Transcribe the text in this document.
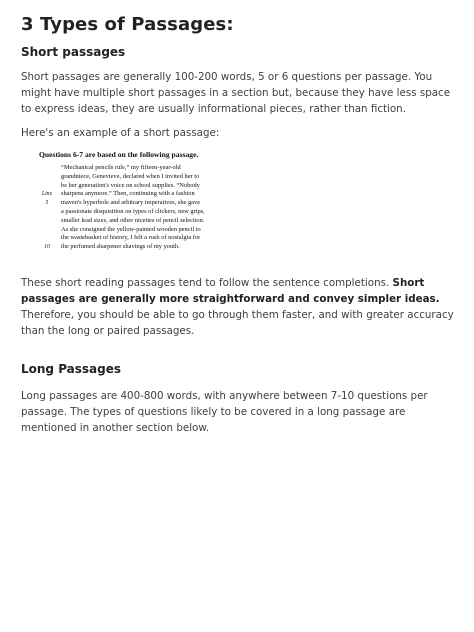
3 Types of Passages:
Short passages

Short passages are generally 100-200 words, 5 or 6 questions per passage. You might have multiple short passages in a section but, because they have less space to express ideas, they are usually informational pieces, rather than fiction.

Here's an example of a short passage:

Questions 6-7 are based on the following passage.
“Mechanical pencils rule,” my fifteen-year-old
grandniece, Genevieve, declared when I invited her to
be her generation's voice on school supplies. “Nobody
Line	sharpens anymore.” Then, continuing with a fashion
5	maven's hyperbole and arbitrary imperatives, she gave
a passionate disquisition on types of clickers, new grips,
smaller lead sizes, and other niceties of pencil selection.
As she consigned the yellow-painted wooden pencil to
the wastebasket of history, I felt a rush of nostalgia for
10	the perfumed sharpener shavings of my youth.

These short reading passages tend to follow the sentence completions. Short passages are generally more straightforward and convey simpler ideas. Therefore, you should be able to go through them faster, and with greater accuracy than the long or paired passages.

Long Passages

Long passages are 400-800 words, with anywhere between 7-10 questions per passage. The types of questions likely to be covered in a long passage are mentioned in another section below.
